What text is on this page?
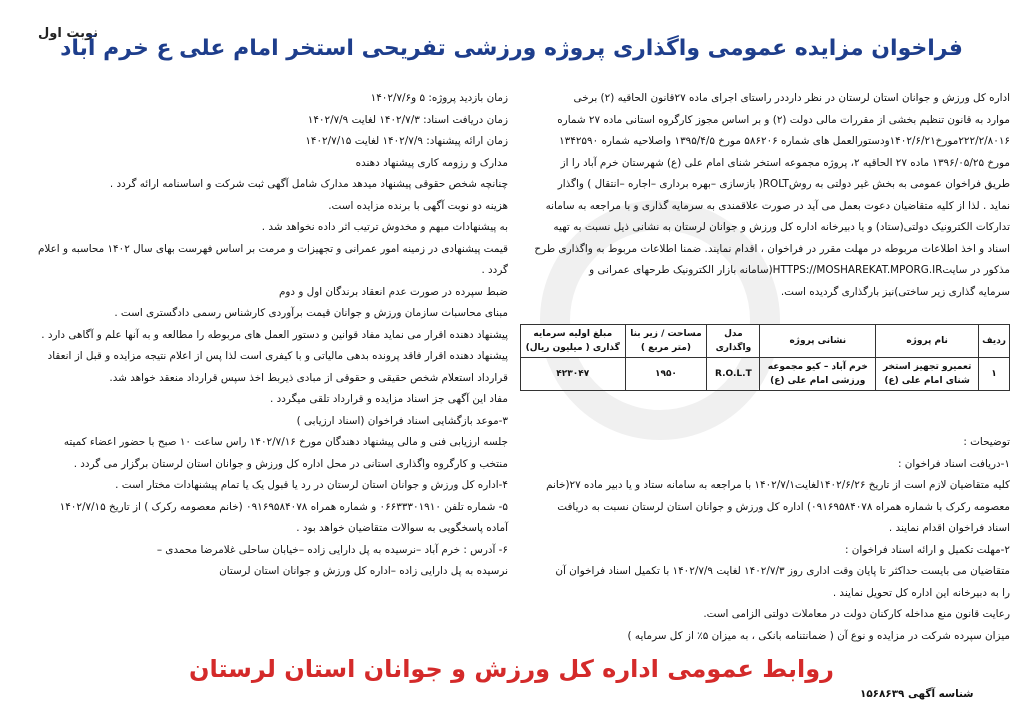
نوبت اول
فراخوان مزایده عمومی واگذاری پروژه ورزشی تفریحی استخر امام علی ع خرم آباد

اداره کل ورزش و جوانان استان لرستان در نظر دارددر راستای اجرای ماده ۲۷قانون الحاقیه (۲) برخی

موارد به قانون تنظیم بخشی از مقررات مالی دولت (۲) و بر اساس مجوز کارگروه استانی ماده ۲۷ شماره

۲۲۲/۲/۸۰۱۶مورخ۱۴۰۲/۶/۲۱ودستورالعمل های شماره ۵۸۶۲۰۶ مورخ ۱۳۹۵/۴/۵ واصلاحیه شماره ۱۳۴۲۵۹۰

مورخ ۱۳۹۶/۰۵/۲۵ ماده ۲۷ الحاقیه ۲، پروژه مجموعه استخر شنای امام علی (ع) شهرستان خرم آباد را از

طریق فراخوان عمومی به بخش غیر دولتی به روشROLT( بازسازی –بهره برداری –اجاره –انتقال ) واگذار

نماید . لذا از کلیه متقاضیان دعوت بعمل می آید در صورت علاقمندی به سرمایه گذاری و با مراجعه به سامانه

تدارکات الکترونیک دولتی(ستاد) و یا دبیرخانه اداره کل ورزش و جوانان لرستان به نشانی ذیل نسبت به تهیه

اسناد و اخذ اطلاعات مربوطه در مهلت مقرر در فراخوان ، اقدام نمایند. ضمنا اطلاعات مربوط به واگذاری طرح

مذکور در سایتHTTPS://MOSHAREKAT.MPORG.IR(سامانه بازار الکترونیک طرحهای عمرانی و

سرمایه گذاری زیر ساختی)نیز بارگذاری گردیده است.

ردیف	نام پروژه	نشانی پروژه	مدل واگذاری	مساحت / زیر بنا (متر مربع )	مبلغ اولیه سرمایه گذاری ( میلیون ریال)
۱	تعمیرو تجهیز استخر شنای امام علی (ع)	خرم آباد – کیو مجموعه ورزشی امام علی (ع)	R.O.L.T	۱۹۵۰	۴۲۳۰۴۷

توضیحات :

۱-دریافت اسناد فراخوان :

کلیه متقاضیان لازم است از تاریخ ۱۴۰۲/۶/۲۶لغایت۱۴۰۲/۷/۱ با مراجعه به سامانه ستاد و یا دبیر ماده ۲۷(خانم

معصومه رکرک با شماره همراه ۰۹۱۶۹۵۸۴۰۷۸) اداره کل ورزش و جوانان استان لرستان نسبت به دریافت

اسناد فراخوان اقدام نمایند .

۲-مهلت تکمیل و ارائه اسناد فراخوان :

متقاضیان می بایست حداکثر تا پایان وقت اداری روز ۱۴۰۲/۷/۳ لغایت ۱۴۰۲/۷/۹ با تکمیل اسناد فراخوان آن

را به دبیرخانه این اداره کل تحویل نمایند .

رعایت قانون منع مداخله کارکنان دولت در معاملات دولتی الزامی است.

میزان سپرده شرکت در مزایده و نوع آن ( ضمانتنامه بانکی ، به میزان ۵٪ از کل سرمایه )

زمان بازدید پروژه: ۵ و۱۴۰۲/۷/۶

زمان دریافت اسناد: ۱۴۰۲/۷/۳ لغایت ۱۴۰۲/۷/۹

زمان ارائه پیشنهاد: ۱۴۰۲/۷/۹ لغایت ۱۴۰۲/۷/۱۵

مدارک و رزومه کاری پیشنهاد دهنده

چنانچه شخص حقوقی پیشنهاد میدهد مدارک شامل آگهی ثبت شرکت و اساسنامه ارائه گردد .

هزینه دو نوبت آگهی با برنده مزایده است.

به پیشنهادات مبهم و مخدوش ترتیب اثر داده نخواهد شد .

قیمت پیشنهادی در زمینه امور عمرانی و تجهیزات و مرمت بر اساس فهرست بهای سال ۱۴۰۲ محاسبه و اعلام

گردد .

ضبط سپرده در صورت عدم انعقاد برندگان اول و دوم

مبنای محاسبات سازمان ورزش و جوانان قیمت برآوردی کارشناس رسمی دادگستری است .

پیشنهاد دهنده اقرار می نماید مفاد قوانین و دستور العمل های مربوطه را مطالعه و به آنها علم و آگاهی دارد .

پیشنهاد دهنده اقرار فاقد پرونده بدهی مالیاتی و با کیفری است لذا پس از اعلام نتیجه مزایده و قبل از انعقاد

قرارداد استعلام شخص حقیقی و حقوقی از مبادی ذیربط اخذ سپس قرارداد منعقد خواهد شد.

مفاد این آگهی جز اسناد مزایده و قرارداد تلقی میگردد .

۳-موعد بازگشایی اسناد فراخوان (اسناد ارزیابی )

جلسه ارزیابی فنی و مالی پیشنهاد دهندگان مورخ ۱۴۰۲/۷/۱۶ راس ساعت ۱۰ صبح با حضور اعضاء کمیته

منتخب و کارگروه واگذاری استانی در محل اداره کل ورزش و جوانان استان لرستان برگزار می گردد .

۴-اداره کل ورزش و جوانان استان لرستان در رد یا قبول یک یا تمام پیشنهادات مختار است .

۵- شماره تلفن ۰۶۶۳۳۳۰۱۹۱۰ و شماره همراه ۰۹۱۶۹۵۸۴۰۷۸ (خانم معصومه رکرک ) از تاریخ ۱۴۰۲/۷/۱۵

آماده پاسخگویی به سوالات متقاضیان خواهد بود .

۶- آدرس : خرم آباد –نرسیده به پل دارایی زاده –خیابان ساحلی غلامرضا محمدی –

نرسیده به پل دارایی زاده –اداره کل ورزش و جوانان استان لرستان

روابط عمومی اداره کل ورزش و جوانان استان لرستان
شناسه آگهی ۱۵۶۸۶۳۹
